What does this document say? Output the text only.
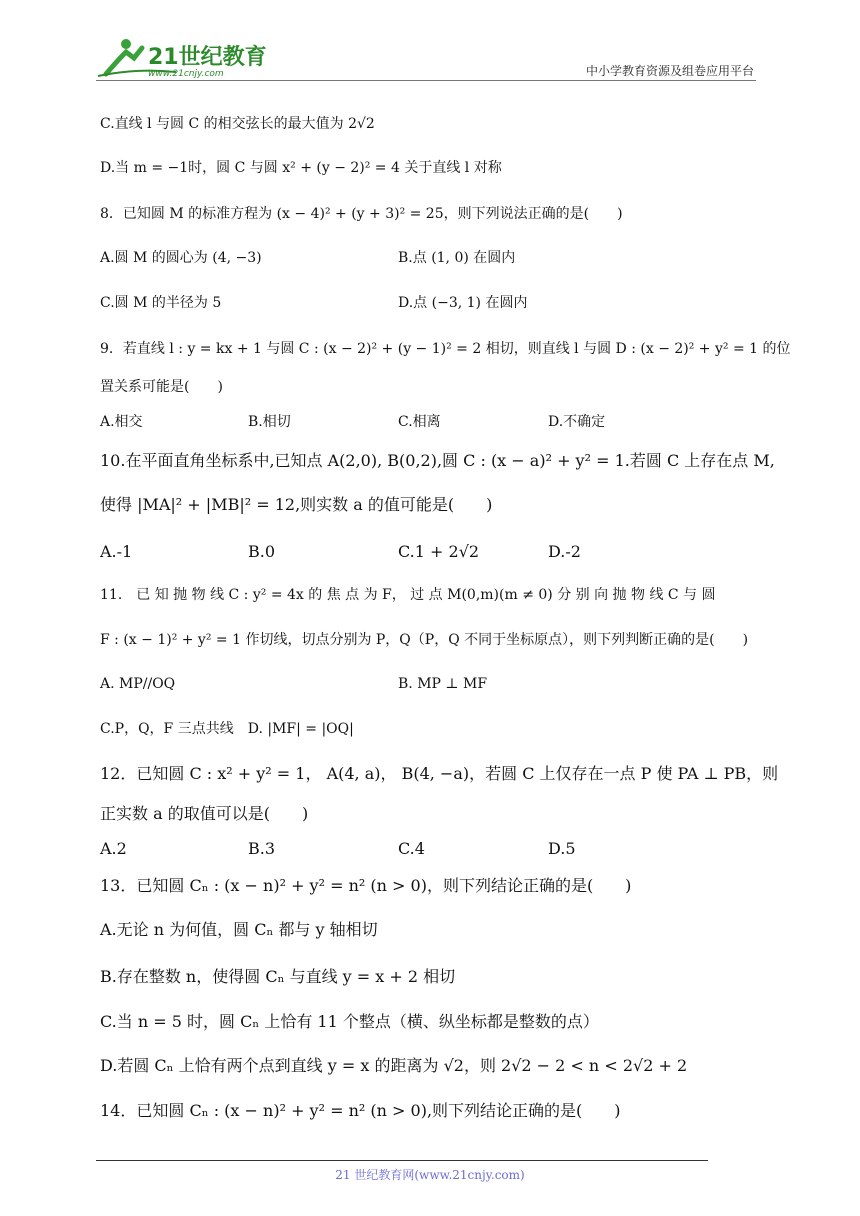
21世纪教育
www.21cnjy.com	中小学教育资源及组卷应用平台
C.直线 l 与圆 C 的相交弦长的最大值为 2√2
D.当 m = −1时，圆 C 与圆 x² + (y − 2)² = 4 关于直线 l 对称
8．已知圆 M 的标准方程为 (x − 4)² + (y + 3)² = 25，则下列说法正确的是(　　)
A.圆 M 的圆心为 (4, −3)	B.点 (1, 0) 在圆内
C.圆 M 的半径为 5	D.点 (−3, 1) 在圆内
9．若直线 l : y = kx + 1 与圆 C : (x − 2)² + (y − 1)² = 2 相切，则直线 l 与圆 D : (x − 2)² + y² = 1 的位
置关系可能是(　　)
A.相交	B.相切	C.相离	D.不确定
10.在平面直角坐标系中,已知点 A(2,0), B(0,2),圆 C : (x − a)² + y² = 1.若圆 C 上存在点 M,
使得 |MA|² + |MB|² = 12,则实数 a 的值可能是(　　)
A.-1	B.0	C.1 + 2√2	D.-2
11． 已 知 抛 物 线 C : y² = 4x 的 焦 点 为 F， 过 点 M(0,m)(m ≠ 0) 分 别 向 抛 物 线 C 与 圆
F : (x − 1)² + y² = 1 作切线，切点分别为 P，Q（P，Q 不同于坐标原点），则下列判断正确的是(　　)
A. MP//OQ	B. MP ⊥ MF
C.P，Q，F 三点共线　D. |MF| = |OQ|
12．已知圆 C : x² + y² = 1， A(4, a)， B(4, −a)，若圆 C 上仅存在一点 P 使 PA ⊥ PB，则
正实数 a 的取值可以是(　　)
A.2	B.3	C.4	D.5
13．已知圆 Cₙ : (x − n)² + y² = n² (n > 0)，则下列结论正确的是(　　)
A.无论 n 为何值，圆 Cₙ 都与 y 轴相切
B.存在整数 n，使得圆 Cₙ 与直线 y = x + 2 相切
C.当 n = 5 时，圆 Cₙ 上恰有 11 个整点（横、纵坐标都是整数的点）
D.若圆 Cₙ 上恰有两个点到直线 y = x 的距离为 √2，则 2√2 − 2 < n < 2√2 + 2
14．已知圆 Cₙ : (x − n)² + y² = n² (n > 0),则下列结论正确的是(　　)
21 世纪教育网(www.21cnjy.com)
